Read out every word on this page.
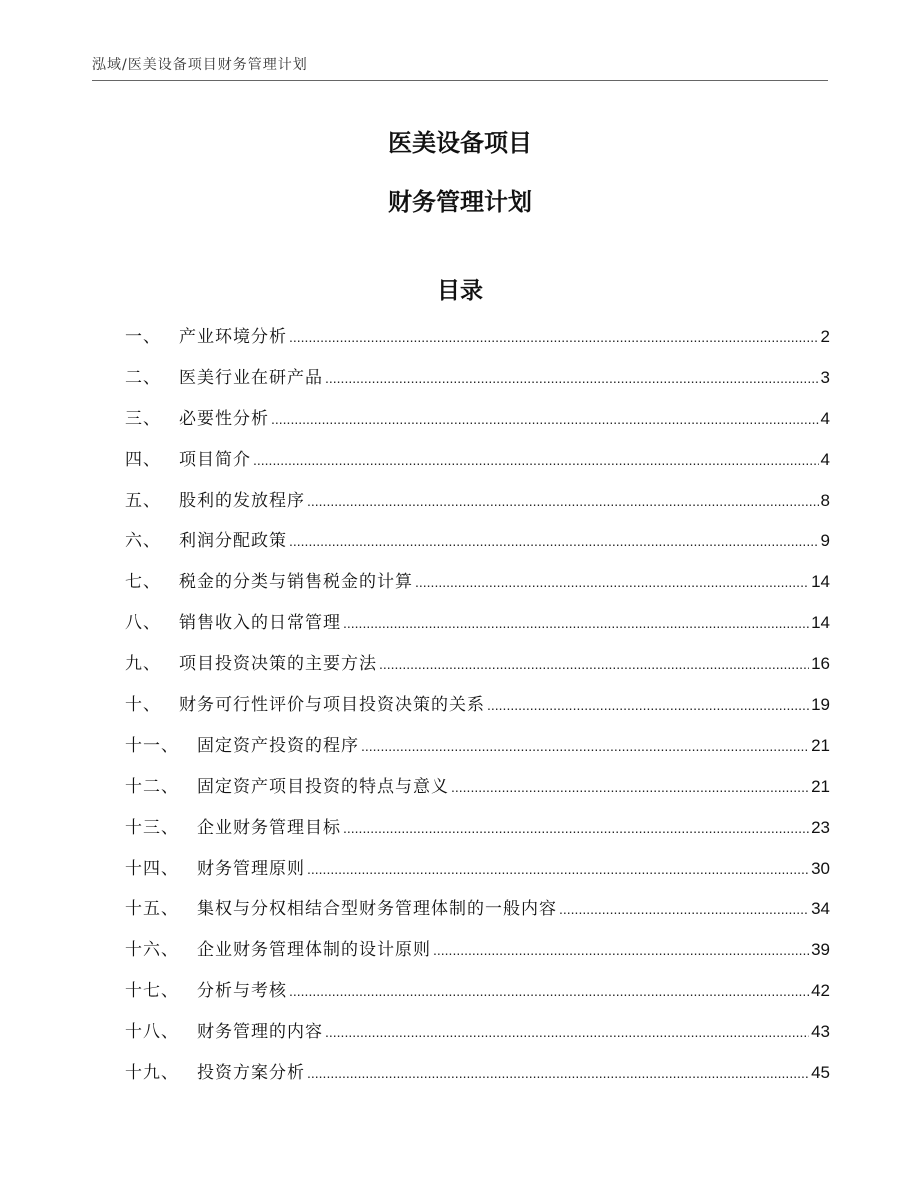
泓域/医美设备项目财务管理计划
医美设备项目
财务管理计划
目录
一、	产业环境分析 .....	2
二、	医美行业在研产品 .....	3
三、	必要性分析 .....	4
四、	项目简介 .....	4
五、	股利的发放程序 .....	8
六、	利润分配政策 .....	9
七、	税金的分类与销售税金的计算 .....	14
八、	销售收入的日常管理 .....	14
九、	项目投资决策的主要方法 .....	16
十、	财务可行性评价与项目投资决策的关系 .....	19
十一、	固定资产投资的程序 .....	21
十二、	固定资产项目投资的特点与意义 .....	21
十三、	企业财务管理目标 .....	23
十四、	财务管理原则 .....	30
十五、	集权与分权相结合型财务管理体制的一般内容 .....	34
十六、	企业财务管理体制的设计原则 .....	39
十七、	分析与考核 .....	42
十八、	财务管理的内容 .....	43
十九、	投资方案分析 .....	45
